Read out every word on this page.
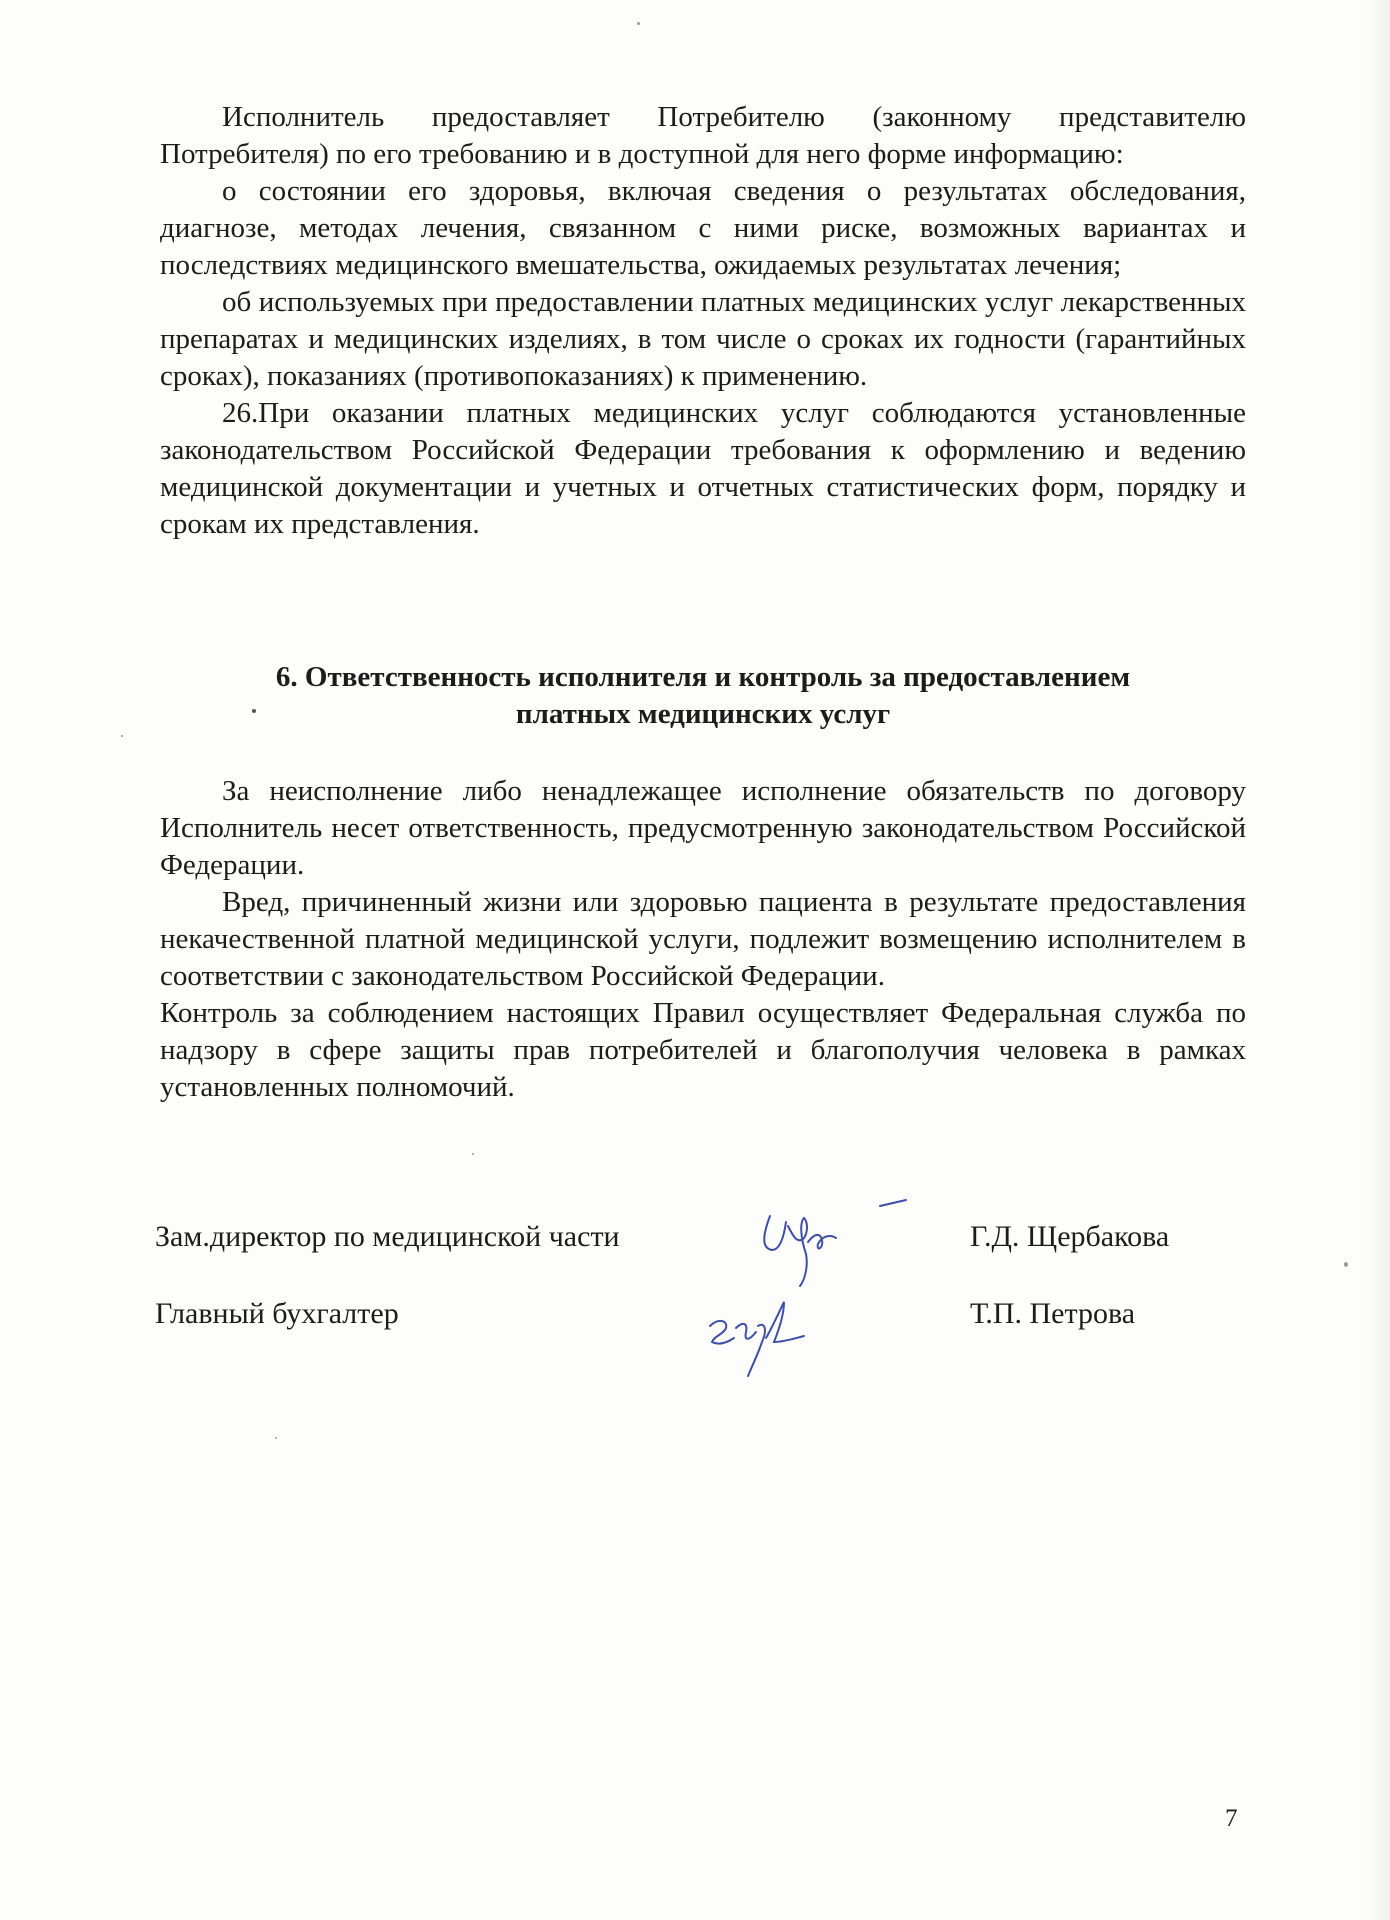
Исполнитель предоставляет Потребителю (законному представителю Потребителя) по его требованию и в доступной для него форме информацию:

о состоянии его здоровья, включая сведения о результатах обследования, диагнозе, методах лечения, связанном с ними риске, возможных вариантах и последствиях медицинского вмешательства, ожидаемых результатах лечения;

об используемых при предоставлении платных медицинских услуг лекарственных препаратах и медицинских изделиях, в том числе о сроках их годности (гарантийных сроках), показаниях (противопоказаниях) к применению.

26.При оказании платных медицинских услуг соблюдаются установленные законодательством Российской Федерации требования к оформлению и ведению медицинской документации и учетных и отчетных статистических форм, порядку и срокам их представления.

6. Ответственность исполнителя и контроль за предоставлением
платных медицинских услуг

За неисполнение либо ненадлежащее исполнение обязательств по договору Исполнитель несет ответственность, предусмотренную законодательством Российской Федерации.

Вред, причиненный жизни или здоровью пациента в результате предоставления некачественной платной медицинской услуги, подлежит возмещению исполнителем в соответствии с законодательством Российской Федерации.

Контроль за соблюдением настоящих Правил осуществляет Федеральная служба по надзору в сфере защиты прав потребителей и благополучия человека в рамках установленных полномочий.

Зам.директор по медицинской части	Г.Д. Щербакова
Главный бухгалтер	Т.П. Петрова
7
